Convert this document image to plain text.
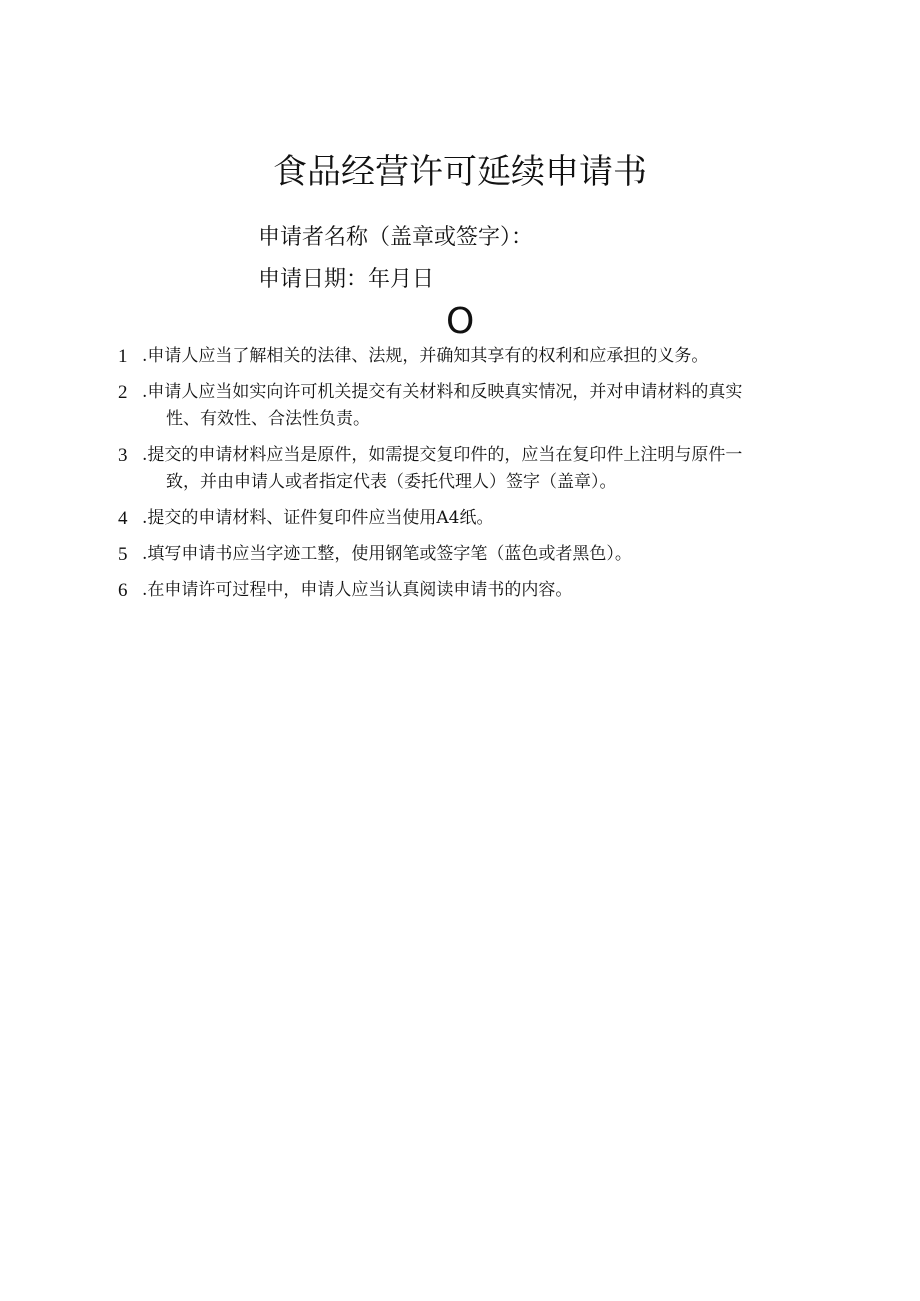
食品经营许可延续申请书
申请者名称（盖章或签字）：
申请日期：年月日
O
1 .申请人应当了解相关的法律、法规，并确知其享有的权利和应承担的义务。
2 .申请人应当如实向许可机关提交有关材料和反映真实情况，并对申请材料的真实
性、有效性、合法性负责。
3 .提交的申请材料应当是原件，如需提交复印件的，应当在复印件上注明与原件一
致，并由申请人或者指定代表（委托代理人）签字（盖章）。
4 .提交的申请材料、证件复印件应当使用A4纸。
5 .填写申请书应当字迹工整，使用钢笔或签字笔（蓝色或者黑色）。
6 .在申请许可过程中，申请人应当认真阅读申请书的内容。
